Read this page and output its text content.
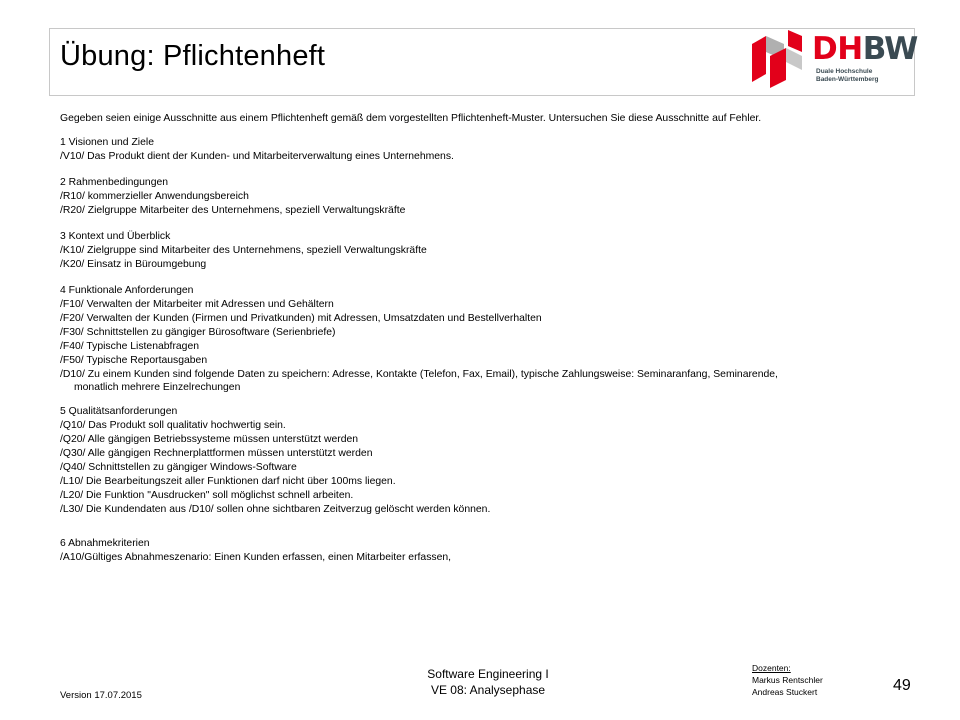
Übung: Pflichtenheft	DHBW
Duale Hochschule
Baden-Württemberg

Gegeben seien einige Ausschnitte aus einem Pflichtenheft gemäß dem vorgestellten Pflichtenheft-Muster. Untersuchen Sie diese Ausschnitte auf Fehler.

1 Visionen und Ziele

/V10/ Das Produkt dient der Kunden- und Mitarbeiterverwaltung eines Unternehmens.

2 Rahmenbedingungen

/R10/ kommerzieller Anwendungsbereich

/R20/ Zielgruppe Mitarbeiter des Unternehmens, speziell Verwaltungskräfte

3 Kontext und Überblick

/K10/ Zielgruppe sind Mitarbeiter des Unternehmens, speziell Verwaltungskräfte

/K20/ Einsatz in Büroumgebung

4 Funktionale Anforderungen

/F10/ Verwalten der Mitarbeiter mit Adressen und Gehältern

/F20/ Verwalten der Kunden (Firmen und Privatkunden) mit Adressen, Umsatzdaten und Bestellverhalten

/F30/ Schnittstellen zu gängiger Bürosoftware (Serienbriefe)

/F40/ Typische Listenabfragen

/F50/ Typische Reportausgaben

/D10/ Zu einem Kunden sind folgende Daten zu speichern: Adresse, Kontakte (Telefon, Fax, Email), typische Zahlungsweise: Seminaranfang, Seminarende,
monatlich mehrere Einzelrechungen

5 Qualitätsanforderungen

/Q10/ Das Produkt soll qualitativ hochwertig sein.

/Q20/ Alle gängigen Betriebssysteme müssen unterstützt werden

/Q30/ Alle gängigen Rechnerplattformen müssen unterstützt werden

/Q40/ Schnittstellen zu gängiger Windows-Software

/L10/ Die Bearbeitungszeit aller Funktionen darf nicht über 100ms liegen.

/L20/ Die Funktion "Ausdrucken" soll möglichst schnell arbeiten.

/L30/ Die Kundendaten aus /D10/ sollen ohne sichtbaren Zeitverzug gelöscht werden können.

6 Abnahmekriterien

/A10/Gültiges Abnahmeszenario: Einen Kunden erfassen, einen Mitarbeiter erfassen,

Software Engineering I
VE 08: Analysephase
Version 17.07.2015
Dozenten:
Markus Rentschler
Andreas Stuckert	49
